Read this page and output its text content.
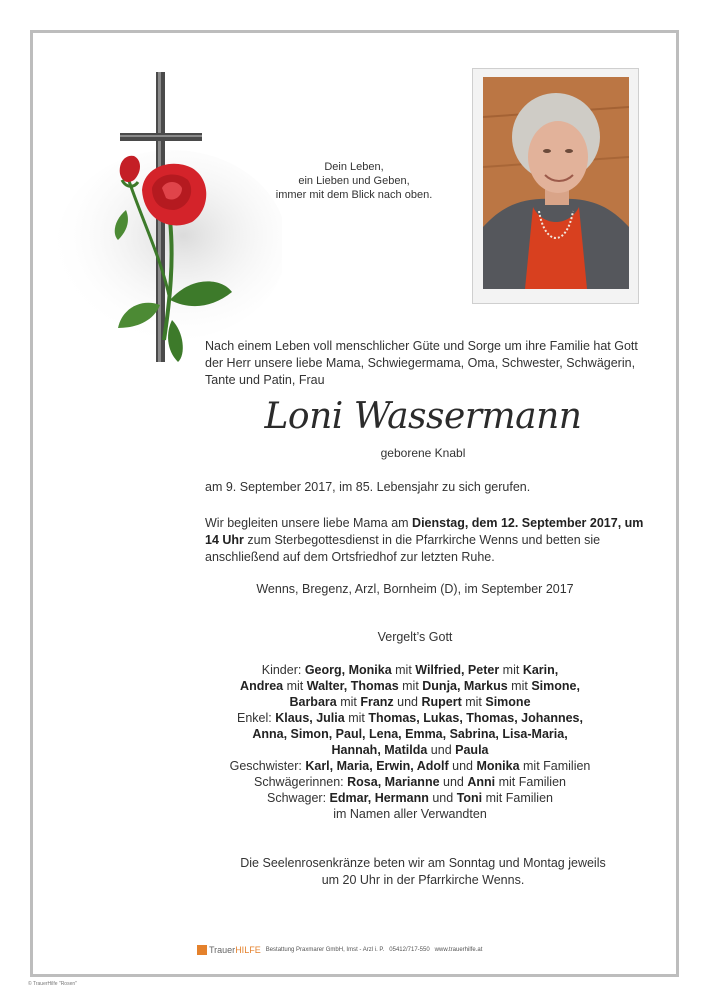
Dein Leben,
ein Lieben und Geben,
immer mit dem Blick nach oben.
Nach einem Leben voll menschlicher Güte und Sorge um ihre Familie hat Gott der Herr unsere liebe Mama, Schwiegermama, Oma, Schwester, Schwägerin, Tante und Patin, Frau
Loni Wassermann
geborene Knabl
am 9. September 2017, im 85. Lebensjahr zu sich gerufen.
Wir begleiten unsere liebe Mama am Dienstag, dem 12. September 2017, um 14 Uhr zum Sterbegottesdienst in die Pfarrkirche Wenns und betten sie anschließend auf dem Ortsfriedhof zur letzten Ruhe.
Wenns, Bregenz, Arzl, Bornheim (D), im September 2017
Vergelt’s Gott
Kinder: Georg, Monika mit Wilfried, Peter mit Karin,
Andrea mit Walter, Thomas mit Dunja, Markus mit Simone,
Barbara mit Franz und Rupert mit Simone
Enkel: Klaus, Julia mit Thomas, Lukas, Thomas, Johannes,
Anna, Simon, Paul, Lena, Emma, Sabrina, Lisa-Maria,
Hannah, Matilda und Paula
Geschwister: Karl, Maria, Erwin, Adolf und Monika mit Familien
Schwägerinnen: Rosa, Marianne und Anni mit Familien
Schwager: Edmar, Hermann und Toni mit Familien
im Namen aller Verwandten
Die Seelenrosenkränze beten wir am Sonntag und Montag jeweils
um 20 Uhr in der Pfarrkirche Wenns.
Trauer HILFE Bestattung Praxmarer GmbH, Imst - Arzl i. P. 05412/717-550 www.trauerhilfe.at
© TrauerHilfe "Rosen"
